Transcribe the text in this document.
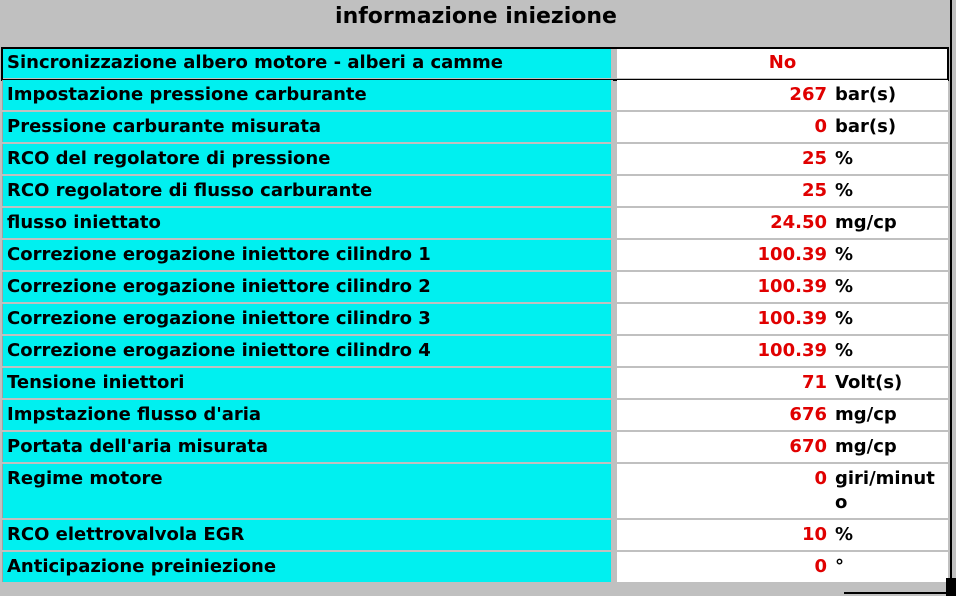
informazione iniezione
Sincronizzazione albero motore - alberi a camme	No
Impostazione pressione carburante	267 bar(s)
Pressione carburante misurata	0 bar(s)
RCO del regolatore di pressione	25 %
RCO regolatore di flusso carburante	25 %
flusso iniettato	24.50 mg/cp
Correzione erogazione iniettore cilindro 1	100.39 %
Correzione erogazione iniettore cilindro 2	100.39 %
Correzione erogazione iniettore cilindro 3	100.39 %
Correzione erogazione iniettore cilindro 4	100.39 %
Tensione iniettori	71 Volt(s)
Impstazione flusso d'aria	676 mg/cp
Portata dell'aria misurata	670 mg/cp
Regime motore	0 giri/minuto
RCO elettrovalvola EGR	10 %
Anticipazione preiniezione	0 °
